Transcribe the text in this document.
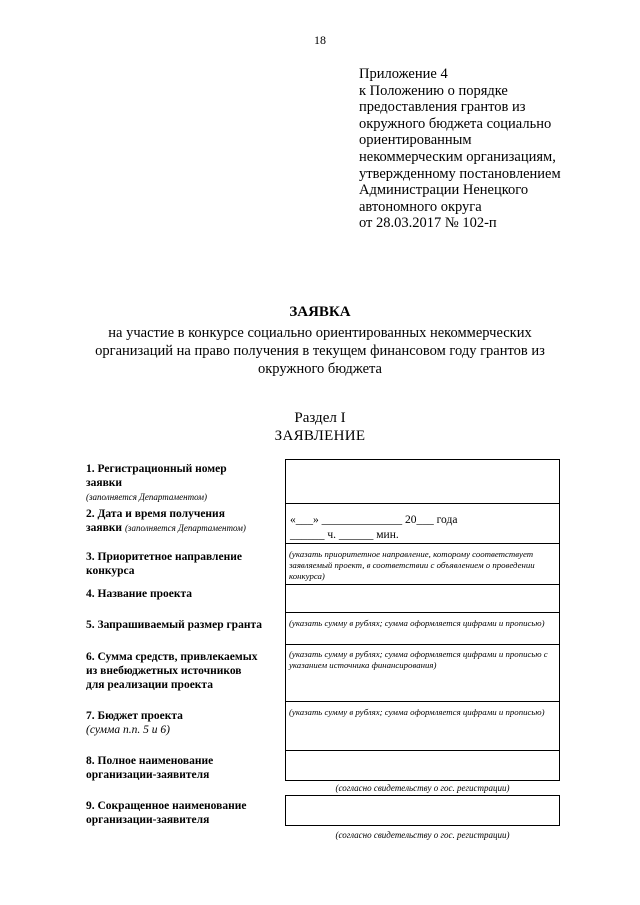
18
Приложение 4
к Положению о порядке
предоставления грантов из
окружного бюджета социально
ориентированным
некоммерческим организациям,
утвержденному постановлением
Администрации Ненецкого
автономного округа
от 28.03.2017 № 102-п
ЗАЯВКА
на участие в конкурсе социально ориентированных некоммерческих
организаций на право получения в текущем финансовом году грантов из
окружного бюджета
Раздел I
ЗАЯВЛЕНИЕ
1. Регистрационный номер
заявки
(заполняется Департаментом)
2. Дата и время получения
заявки (заполняется Департаментом)
«___» ______________ 20___ года
______ ч. ______ мин.
3. Приоритетное направление
конкурса
(указать приоритетное направление, которому соответствует заявляемый проект, в соответствии с объявлением о проведении конкурса)
4. Название проекта
5. Запрашиваемый размер гранта	(указать сумму в рублях; сумма оформляется цифрами и прописью)
6. Сумма средств, привлекаемых
из внебюджетных источников
для реализации проекта
(указать сумму в рублях; сумма оформляется цифрами и прописью с указанием источника финансирования)
7. Бюджет проекта
(сумма п.п. 5 и 6)
(указать сумму в рублях; сумма оформляется цифрами и прописью)
8. Полное наименование
организации-заявителя
(согласно свидетельству о гос. регистрации)
9. Сокращенное наименование
организации-заявителя
(согласно свидетельству о гос. регистрации)
